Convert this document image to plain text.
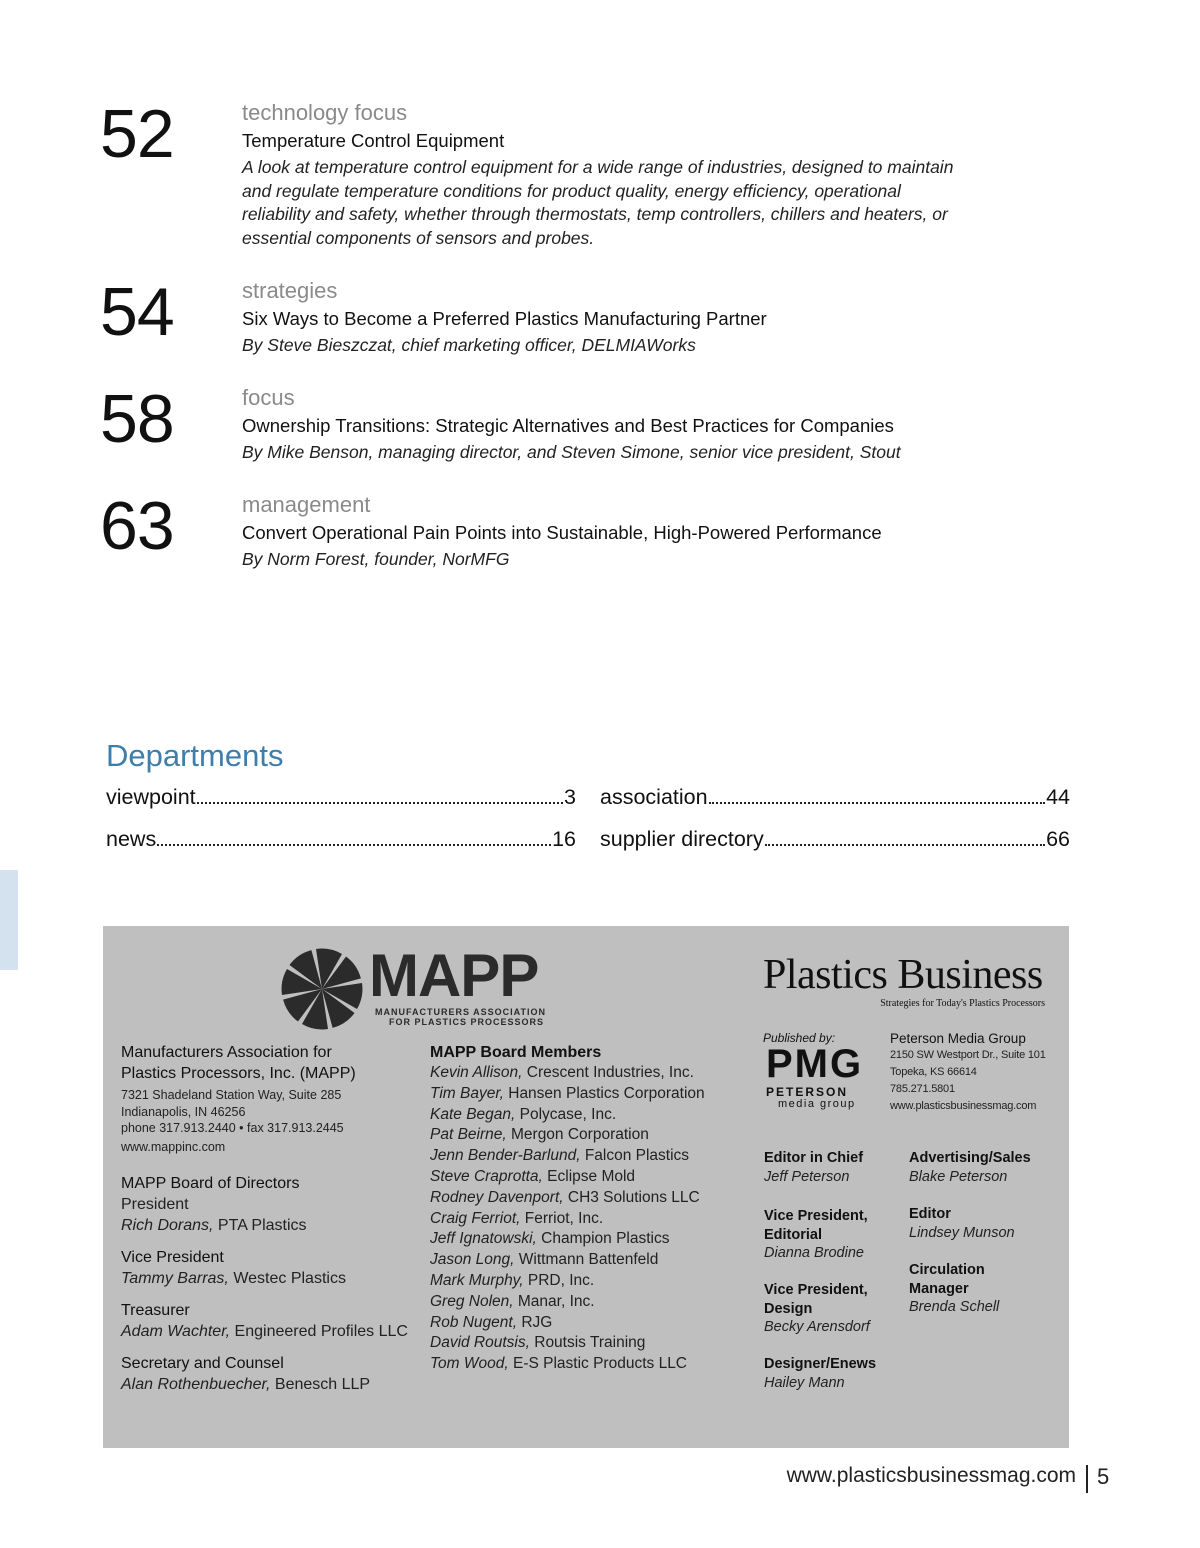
52	technology focus
Temperature Control Equipment
A look at temperature control equipment for a wide range of industries, designed to maintain
and regulate temperature conditions for product quality, energy efficiency, operational
reliability and safety, whether through thermostats, temp controllers, chillers and heaters, or
essential components of sensors and probes.
54	strategies
Six Ways to Become a Preferred Plastics Manufacturing Partner
By Steve Bieszczat, chief marketing officer, DELMIAWorks
58	focus
Ownership Transitions: Strategic Alternatives and Best Practices for Companies
By Mike Benson, managing director, and Steven Simone, senior vice president, Stout
63	management
Convert Operational Pain Points into Sustainable, High-Powered Performance
By Norm Forest, founder, NorMFG
Departments
viewpoint	3
news	16
association	44
supplier directory	66
MAPP
MANUFACTURERS ASSOCIATION
FOR PLASTICS PROCESSORS
Manufacturers Association for
Plastics Processors, Inc. (MAPP)
7321 Shadeland Station Way, Suite 285
Indianapolis, IN 46256
phone 317.913.2440 • fax 317.913.2445
www.mappinc.com
MAPP Board of Directors
President
Rich Dorans, PTA Plastics
Vice President
Tammy Barras, Westec Plastics
Treasurer
Adam Wachter, Engineered Profiles LLC
Secretary and Counsel
Alan Rothenbuecher, Benesch LLP
MAPP Board Members
Kevin Allison, Crescent Industries, Inc.
Tim Bayer, Hansen Plastics Corporation
Kate Began, Polycase, Inc.
Pat Beirne, Mergon Corporation
Jenn Bender-Barlund, Falcon Plastics
Steve Craprotta, Eclipse Mold
Rodney Davenport, CH3 Solutions LLC
Craig Ferriot, Ferriot, Inc.
Jeff Ignatowski, Champion Plastics
Jason Long, Wittmann Battenfeld
Mark Murphy, PRD, Inc.
Greg Nolen, Manar, Inc.
Rob Nugent, RJG
David Routsis, Routsis Training
Tom Wood, E-S Plastic Products LLC
Plastics Business
Strategies for Today's Plastics Processors
Published by:
PMG
PETERSON
media group
Peterson Media Group
2150 SW Westport Dr., Suite 101
Topeka, KS 66614
785.271.5801
www.plasticsbusinessmag.com
Editor in Chief
Jeff Peterson
Vice President,
Editorial
Dianna Brodine
Vice President,
Design
Becky Arensdorf
Designer/Enews
Hailey Mann
Advertising/Sales
Blake Peterson
Editor
Lindsey Munson
Circulation
Manager
Brenda Schell
www.plasticsbusinessmag.com 5
